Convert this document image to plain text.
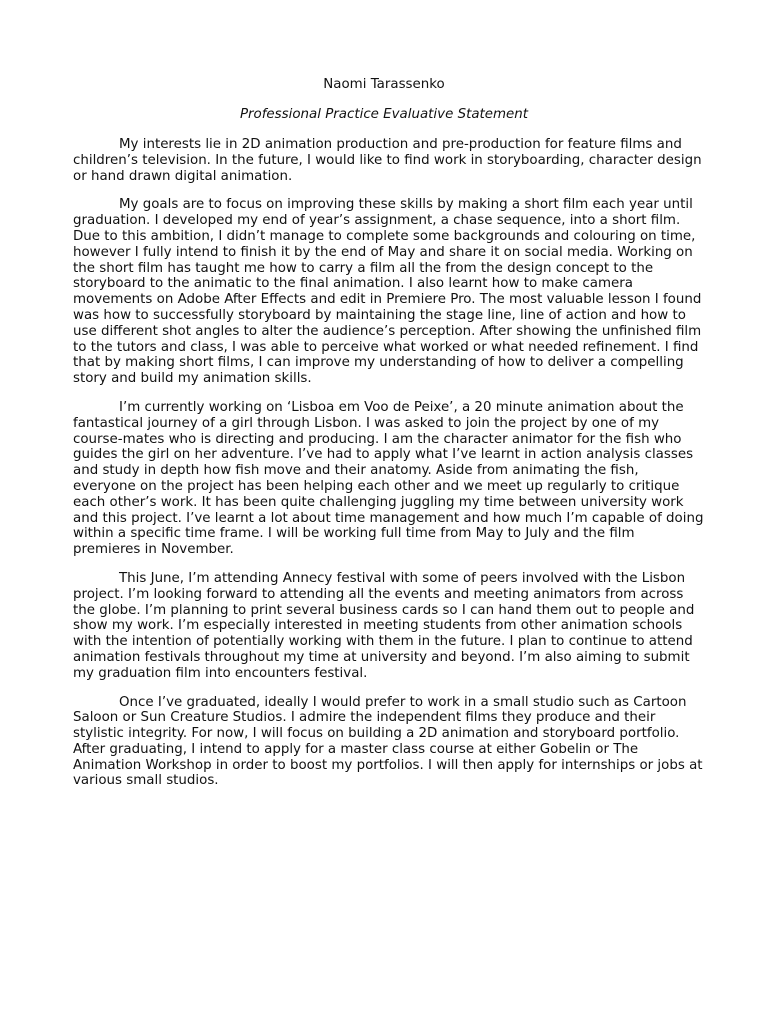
Naomi Tarassenko

Professional Practice Evaluative Statement

My interests lie in 2D animation production and pre-production for feature films and children’s television. In the future, I would like to find work in storyboarding, character design or hand drawn digital animation.

My goals are to focus on improving these skills by making a short film each year until graduation. I developed my end of year’s assignment, a chase sequence, into a short film. Due to this ambition, I didn’t manage to complete some backgrounds and colouring on time, however I fully intend to finish it by the end of May and share it on social media. Working on the short film has taught me how to carry a film all the from the design concept to the storyboard to the animatic to the final animation. I also learnt how to make camera movements on Adobe After Effects and edit in Premiere Pro. The most valuable lesson I found was how to successfully storyboard by maintaining the stage line, line of action and how to use different shot angles to alter the audience’s perception. After showing the unfinished film to the tutors and class, I was able to perceive what worked or what needed refinement. I find that by making short films, I can improve my understanding of how to deliver a compelling story and build my animation skills.

I’m currently working on ‘Lisboa em Voo de Peixe’, a 20 minute animation about the fantastical journey of a girl through Lisbon. I was asked to join the project by one of my course-mates who is directing and producing. I am the character animator for the fish who guides the girl on her adventure. I’ve had to apply what I’ve learnt in action analysis classes and study in depth how fish move and their anatomy. Aside from animating the fish, everyone on the project has been helping each other and we meet up regularly to critique each other’s work. It has been quite challenging juggling my time between university work and this project. I’ve learnt a lot about time management and how much I’m capable of doing within a specific time frame. I will be working full time from May to July and the film premieres in November.

This June, I’m attending Annecy festival with some of peers involved with the Lisbon project. I’m looking forward to attending all the events and meeting animators from across the globe. I’m planning to print several business cards so I can hand them out to people and show my work. I’m especially interested in meeting students from other animation schools with the intention of potentially working with them in the future. I plan to continue to attend animation festivals throughout my time at university and beyond. I’m also aiming to submit my graduation film into encounters festival.

Once I’ve graduated, ideally I would prefer to work in a small studio such as Cartoon Saloon or Sun Creature Studios. I admire the independent films they produce and their stylistic integrity. For now, I will focus on building a 2D animation and storyboard portfolio. After graduating, I intend to apply for a master class course at either Gobelin or The Animation Workshop in order to boost my portfolios. I will then apply for internships or jobs at various small studios.
